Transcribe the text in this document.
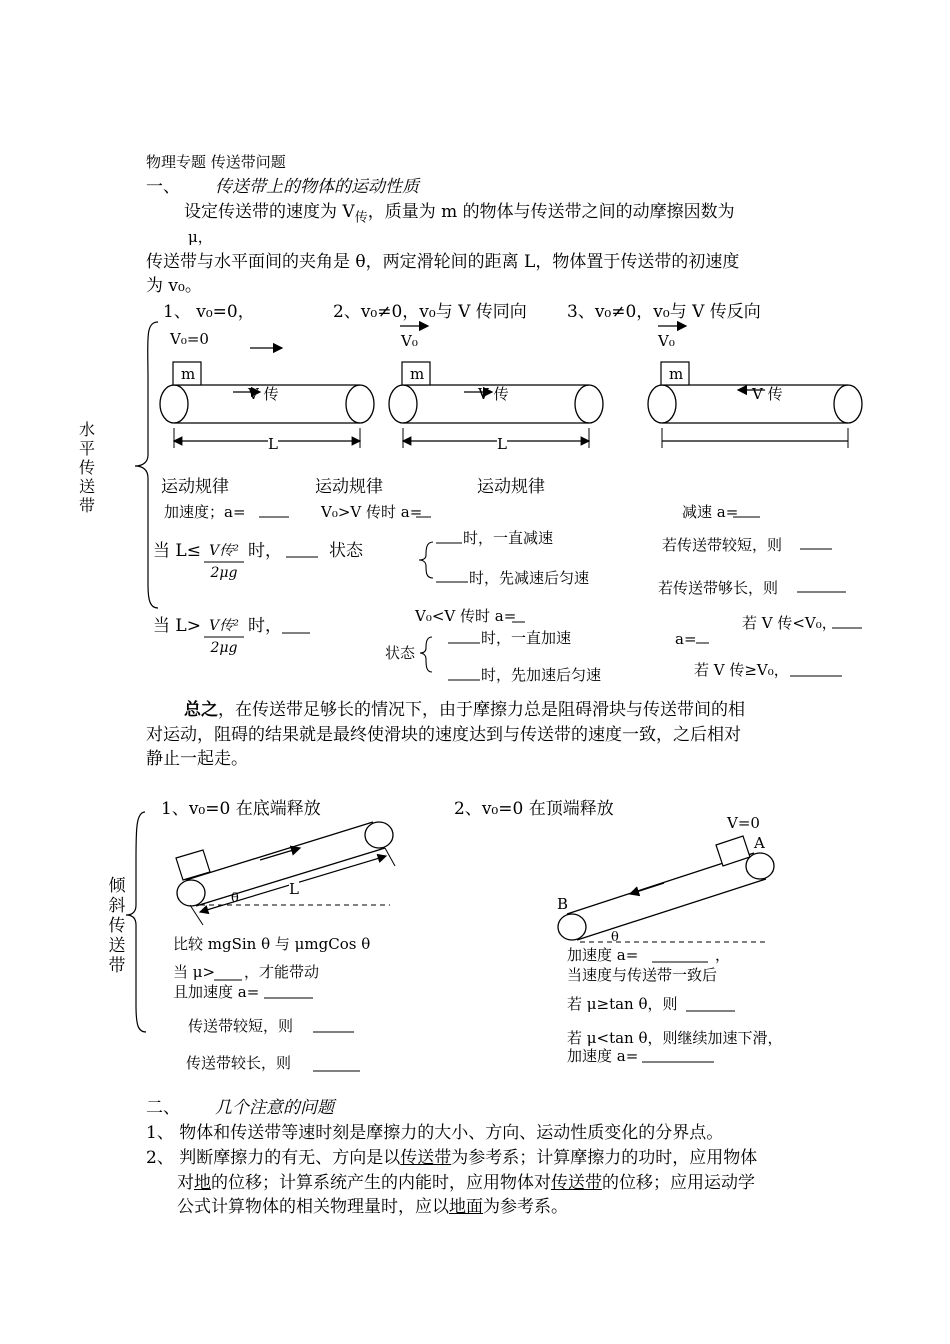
物理专题 传送带问题
一、 传送带上的物体的运动性质
设定传送带的速度为 $V_传$，质量为 m 的物体与传送带之间的动摩擦因数为
μ，
传送带与水平面间的夹角是 θ，两定滑轮间的距离 L，物体置于传送带的初速度
为 v₀。
1、 v₀=0，	2、v₀≠0，v₀与 V 传同向 3、v₀≠0，v₀与 V 传反向
水
平
传
送
带
V₀=0
m
V 传
L
V₀
m
V 传
L
V₀
m
V 传
运动规律	运动规律	运动规律
加速度；a=	V₀>V 传时 a=	减速 a=
当 L≤ V传²
2μg
时，	状态
时，一直减速
时，先减速后匀速
若传送带较短，则
若传送带够长，则
当 L> V传²
2μg
时，	V₀<V 传时 a=
状态
时，一直加速
时，先加速后匀速
若 V 传<V₀，
a=
若 V 传≥V₀，
总之，在传送带足够长的情况下，由于摩擦力总是阻碍滑块与传送带间的相
对运动，阻碍的结果就是最终使滑块的速度达到与传送带的速度一致，之后相对
静止一起走。
倾
斜
传
送
带
1、v₀=0 在底端释放	2、v₀=0 在顶端释放
θ
L
V=0
A
B
θ
比较 mgSin θ 与 μmgCos θ
当 μ> ，才能带动
且加速度 a=
传送带较短，则
传送带较长，则
加速度 a=	，
当速度与传送带一致后
若 μ≥tan θ，则
若 μ<tan θ，则继续加速下滑，
加速度 a=
二、 几个注意的问题
1、 物体和传送带等速时刻是摩擦力的大小、方向、运动性质变化的分界点。
2、 判断摩擦力的有无、方向是以传送带为参考系；计算摩擦力的功时，应用物体
对地的位移；计算系统产生的内能时，应用物体对传送带的位移；应用运动学
公式计算物体的相关物理量时，应以地面为参考系。
